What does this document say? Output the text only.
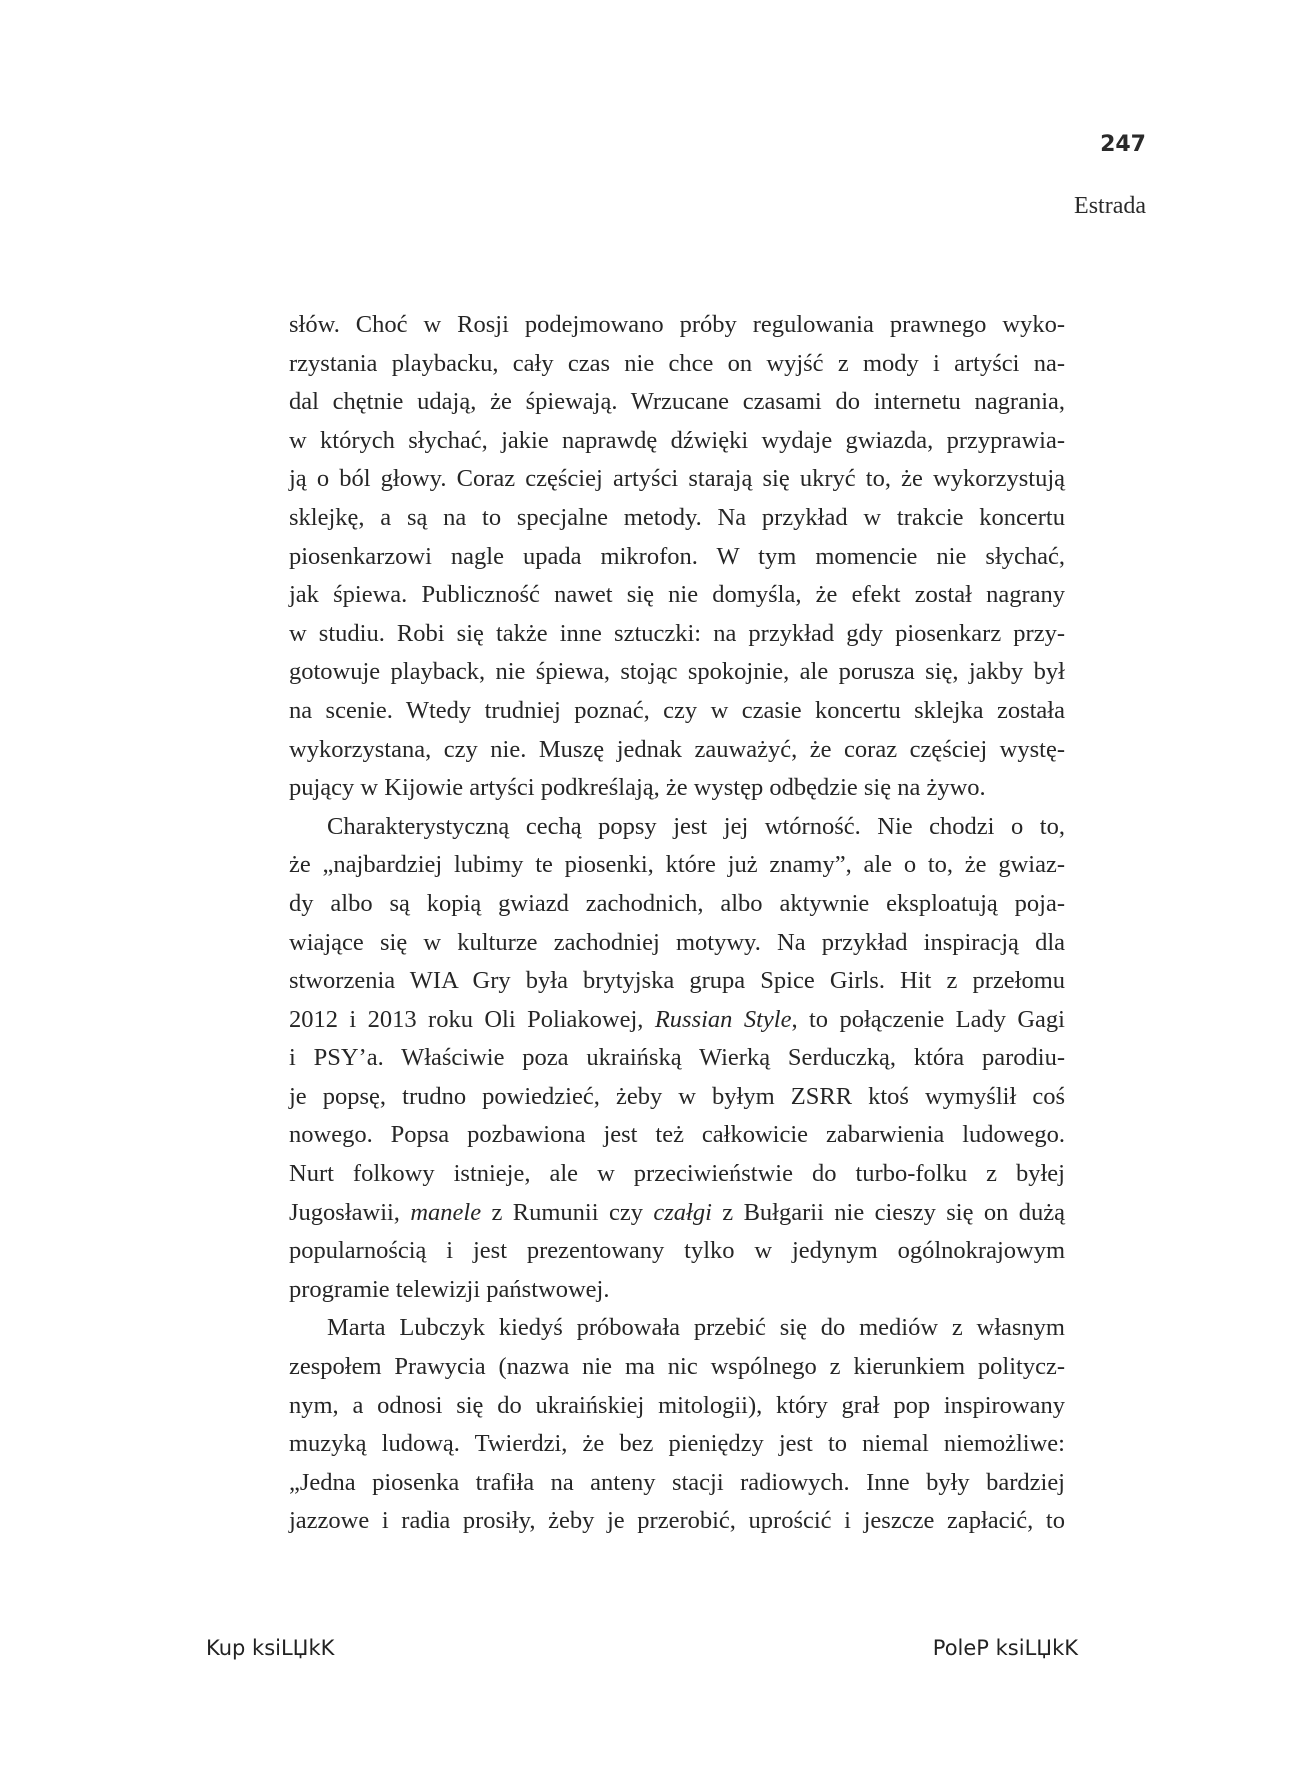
247
Estrada
słów. Choć w Rosji podejmowano próby regulowania prawnego wyko-
rzystania playbacku, cały czas nie chce on wyjść z mody i artyści na-
dal chętnie udają, że śpiewają. Wrzucane czasami do internetu nagrania,
w których słychać, jakie naprawdę dźwięki wydaje gwiazda, przyprawia-
ją o ból głowy. Coraz częściej artyści starają się ukryć to, że wykorzystują
sklejkę, a są na to specjalne metody. Na przykład w trakcie koncertu
piosenkarzowi nagle upada mikrofon. W tym momencie nie słychać,
jak śpiewa. Publiczność nawet się nie domyśla, że efekt został nagrany
w studiu. Robi się także inne sztuczki: na przykład gdy piosenkarz przy-
gotowuje playback, nie śpiewa, stojąc spokojnie, ale porusza się, jakby był
na scenie. Wtedy trudniej poznać, czy w czasie koncertu sklejka została
wykorzystana, czy nie. Muszę jednak zauważyć, że coraz częściej wystę-
pujący w Kijowie artyści podkreślają, że występ odbędzie się na żywo.
Charakterystyczną cechą popsy jest jej wtórność. Nie chodzi o to,
że „najbardziej lubimy te piosenki, które już znamy”, ale o to, że gwiaz-
dy albo są kopią gwiazd zachodnich, albo aktywnie eksploatują poja-
wiające się w kulturze zachodniej motywy. Na przykład inspiracją dla
stworzenia WIA Gry była brytyjska grupa Spice Girls. Hit z przełomu
2012 i 2013 roku Oli Poliakowej, Russian Style, to połączenie Lady Gagi
i PSY’a. Właściwie poza ukraińską Wierką Serduczką, która parodiu-
je popsę, trudno powiedzieć, żeby w byłym ZSRR ktoś wymyślił coś
nowego. Popsa pozbawiona jest też całkowicie zabarwienia ludowego.
Nurt folkowy istnieje, ale w przeciwieństwie do turbo-folku z byłej
Jugosławii, manele z Rumunii czy czałgi z Bułgarii nie cieszy się on dużą
popularnością i jest prezentowany tylko w jedynym ogólnokrajowym
programie telewizji państwowej.
Marta Lubczyk kiedyś próbowała przebić się do mediów z własnym
zespołem Prawycia (nazwa nie ma nic wspólnego z kierunkiem politycz-
nym, a odnosi się do ukraińskiej mitologii), który grał pop inspirowany
muzyką ludową. Twierdzi, że bez pieniędzy jest to niemal niemożliwe:
„Jedna piosenka trafiła na anteny stacji radiowych. Inne były bardziej
jazzowe i radia prosiły, żeby je przerobić, uprościć i jeszcze zapłacić, to
Kup ksiLЏkK	PoleP ksiLЏkK
